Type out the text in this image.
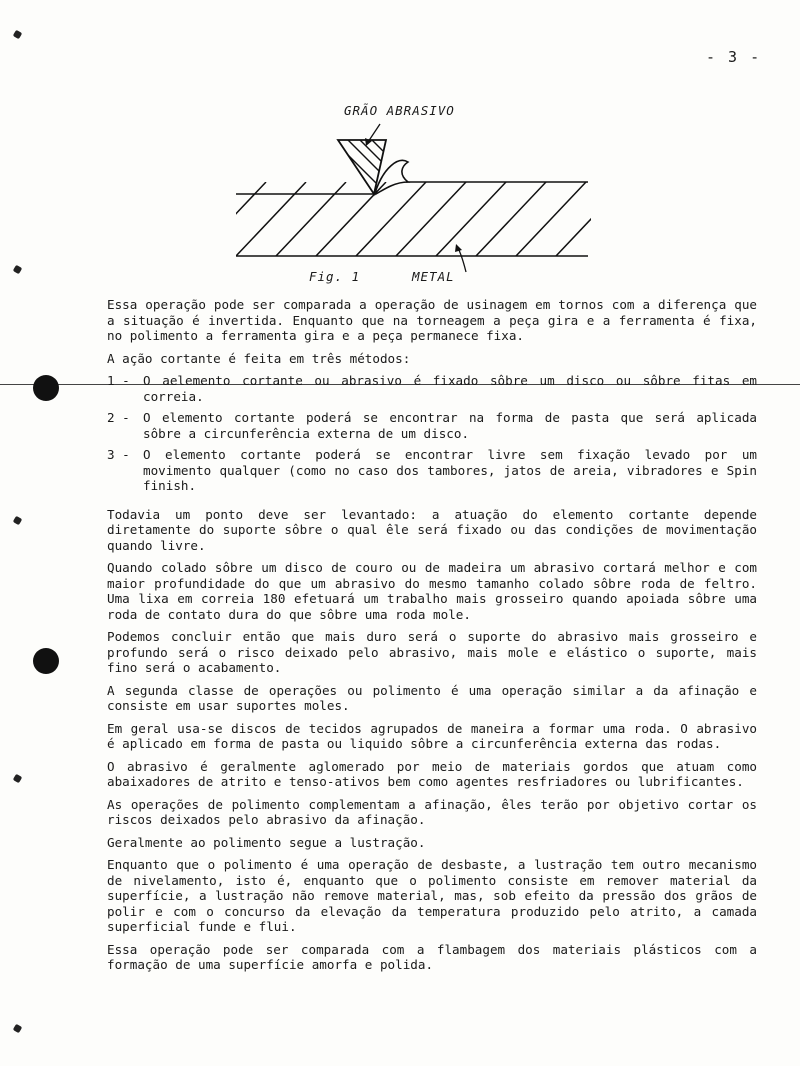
- 3 -
GRÃO ABRASIVO
Fig. 1	METAL

Essa operação pode ser comparada a operação de usinagem em tornos com a diferença que a situação é invertida. Enquanto que na torneagem a peça gira e a ferramenta é fixa, no polimento a ferramenta gira e a peça permanece fixa.

A ação cortante é feita em três métodos:

1 -	O aelemento cortante ou abrasivo é fixado sôbre um disco ou sôbre fitas em correia.
2 -	O elemento cortante poderá se encontrar na forma de pasta que será aplicada sôbre a circunferência externa de um disco.
3 -	O elemento cortante poderá se encontrar livre sem fixação levado por um movimento qualquer (como no caso dos tambores, jatos de areia, vibradores e Spin finish.

Todavia um ponto deve ser levantado: a atuação do elemento cortante depende diretamente do suporte sôbre o qual êle será fixado ou das condições de movimentação quando livre.

Quando colado sôbre um disco de couro ou de madeira um abrasivo cortará melhor e com maior profundidade do que um abrasivo do mesmo tamanho colado sôbre roda de feltro. Uma lixa em correia 180 efetuará um trabalho mais grosseiro quando apoiada sôbre uma roda de contato dura do que sôbre uma roda mole.

Podemos concluir então que mais duro será o suporte do abrasivo mais grosseiro e profundo será o risco deixado pelo abrasivo, mais mole e elástico o suporte, mais fino será o acabamento.

A segunda classe de operações ou polimento é uma operação similar a da afinação e consiste em usar suportes moles.

Em geral usa-se discos de tecidos agrupados de maneira a formar uma roda. O abrasivo é aplicado em forma de pasta ou liquido sôbre a circunferência externa das rodas.

O abrasivo é geralmente aglomerado por meio de materiais gordos que atuam como abaixadores de atrito e tenso-ativos bem como agentes resfriadores ou lubrificantes.

As operações de polimento complementam a afinação, êles terão por objetivo cortar os riscos deixados pelo abrasivo da afinação.

Geralmente ao polimento segue a lustração.

Enquanto que o polimento é uma operação de desbaste, a lustração tem outro mecanismo de nivelamento, isto é, enquanto que o polimento consiste em remover material da superfície, a lustração não remove material, mas, sob efeito da pressão dos grãos de polir e com o concurso da elevação da temperatura produzido pelo atrito, a camada superficial funde e flui.

Essa operação pode ser comparada com a flambagem dos materiais plásticos com a formação de uma superfície amorfa e polida.
